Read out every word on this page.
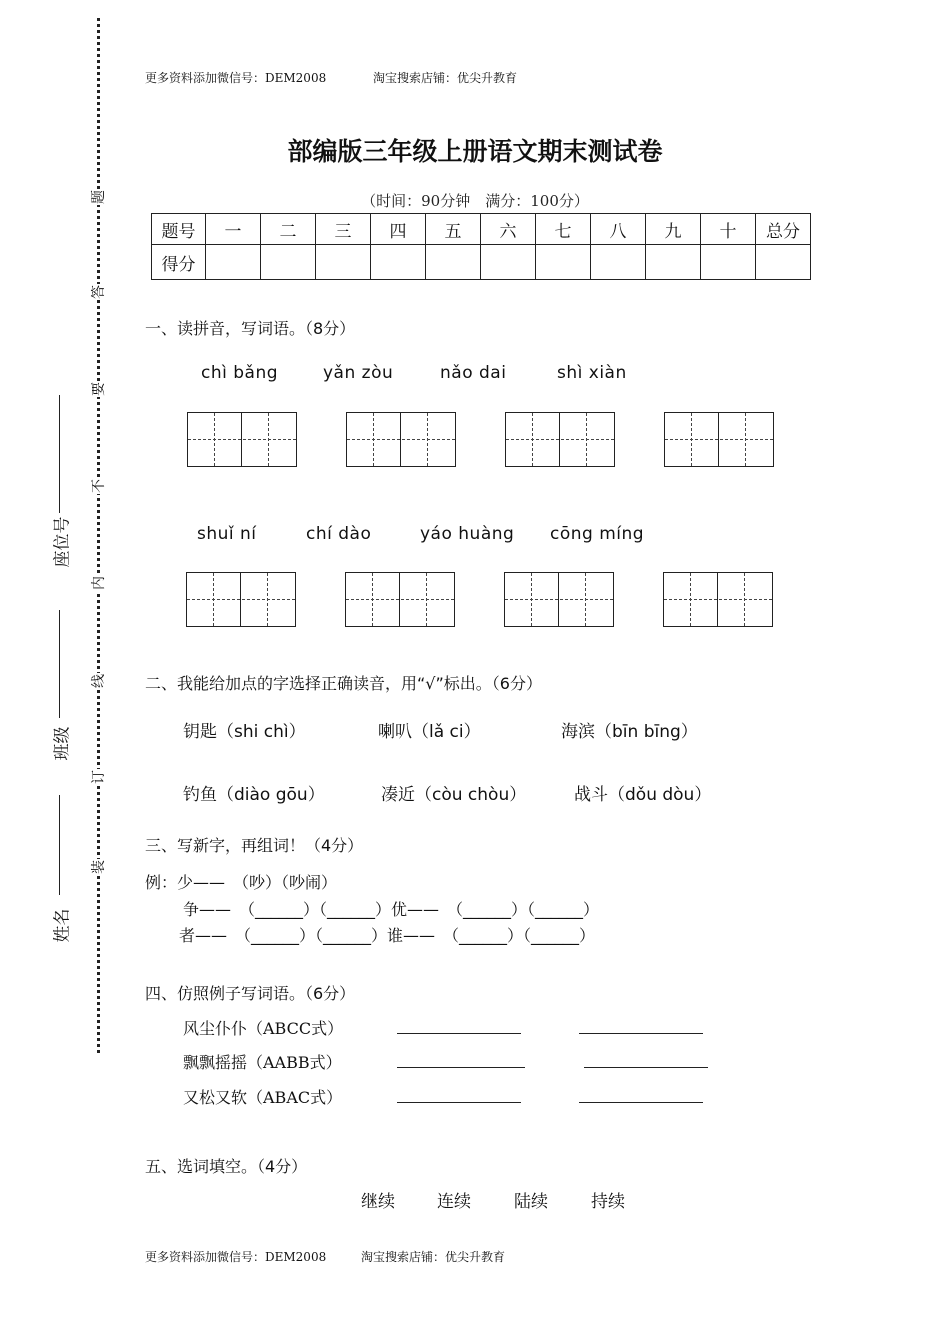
题
答
要
不
内
线
订
装
座位号
班级
姓名
更多资料添加微信号：DEM2008	淘宝搜索店铺：优尖升教育
部编版三年级上册语文期末测试卷
（时间：90分钟　满分：100分）
题号	一	二	三	四	五	六	七	八	九	十	总分
得分											
一、读拼音，写词语。（8分）
chì bǎng	yǎn zòu	nǎo dai	shì xiàn
shuǐ ní	chí dào	yáo huàng cōng míng
二、我能给加点的字选择正确读音，用“√”标出。（6分）
钥匙（shi chì）	喇叭（lǎ ci）	海滨（bīn bīng）
钓鱼（diào gōu）	凑近（còu chòu）	战斗（dǒu dòu）
三、写新字，再组词！（4分）
例：少——　（吵）（吵闹）
争——　（______）（______）优——　（______）（______）
者——　（______）（______）谁——　（______）（______）
四、仿照例子写词语。（6分）
风尘仆仆（ABCC式）
飘飘摇摇（AABB式）
又松又软（ABAC式）
五、选词填空。（4分）
继续 连续	陆续	持续
更多资料添加微信号：DEM2008	淘宝搜索店铺：优尖升教育
